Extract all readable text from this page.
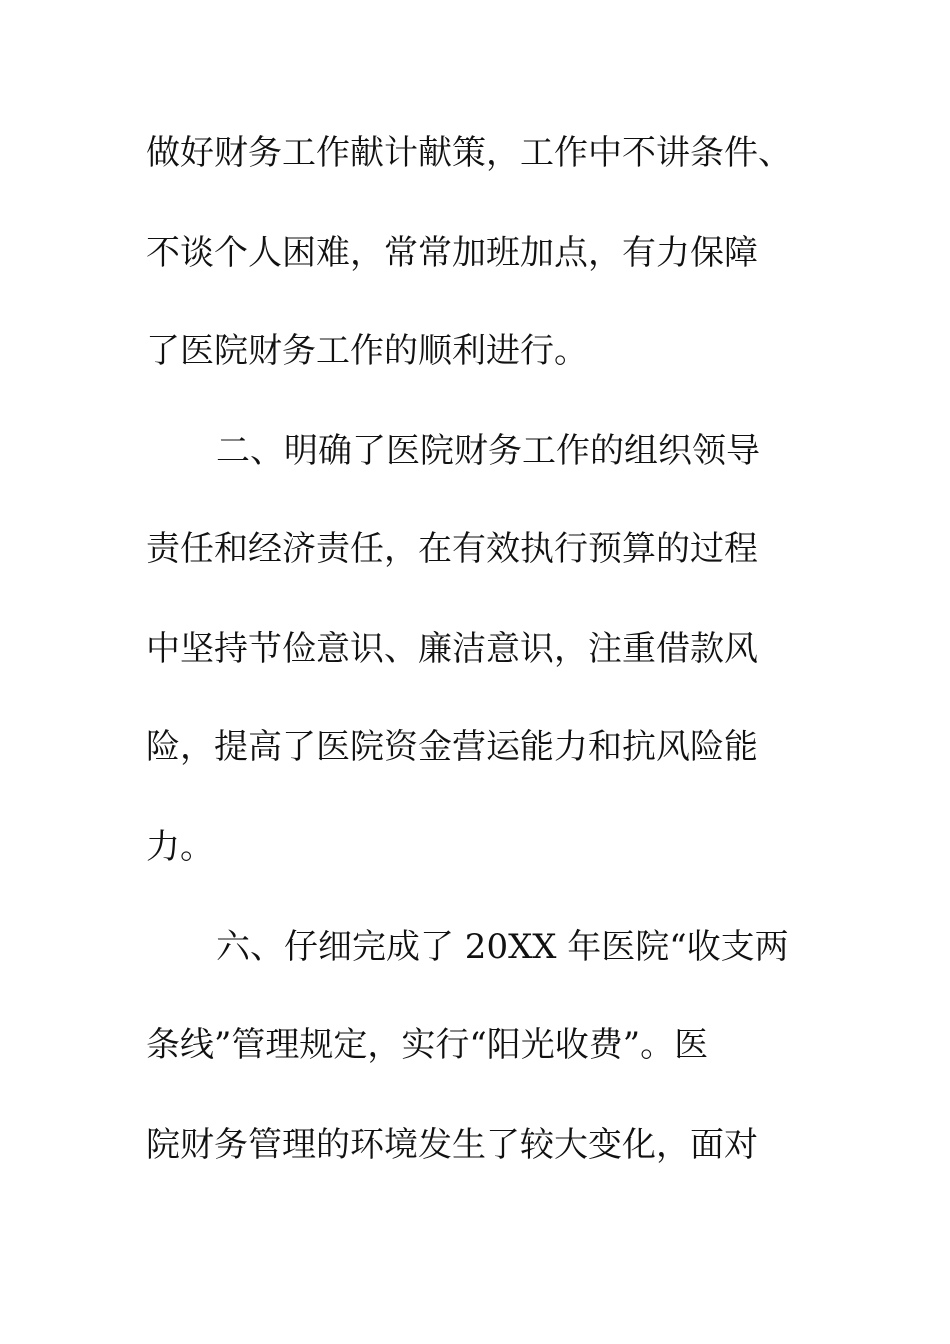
做好财务工作献计献策，工作中不讲条件、
不谈个人困难，常常加班加点，有力保障
了医院财务工作的顺利进行。
二、明确了医院财务工作的组织领导
责任和经济责任，在有效执行预算的过程
中坚持节俭意识、廉洁意识，注重借款风
险，提高了医院资金营运能力和抗风险能
力。
六、仔细完成了 20XX 年医院“收支两
条线”管理规定，实行“阳光收费”。医
院财务管理的环境发生了较大变化，面对
